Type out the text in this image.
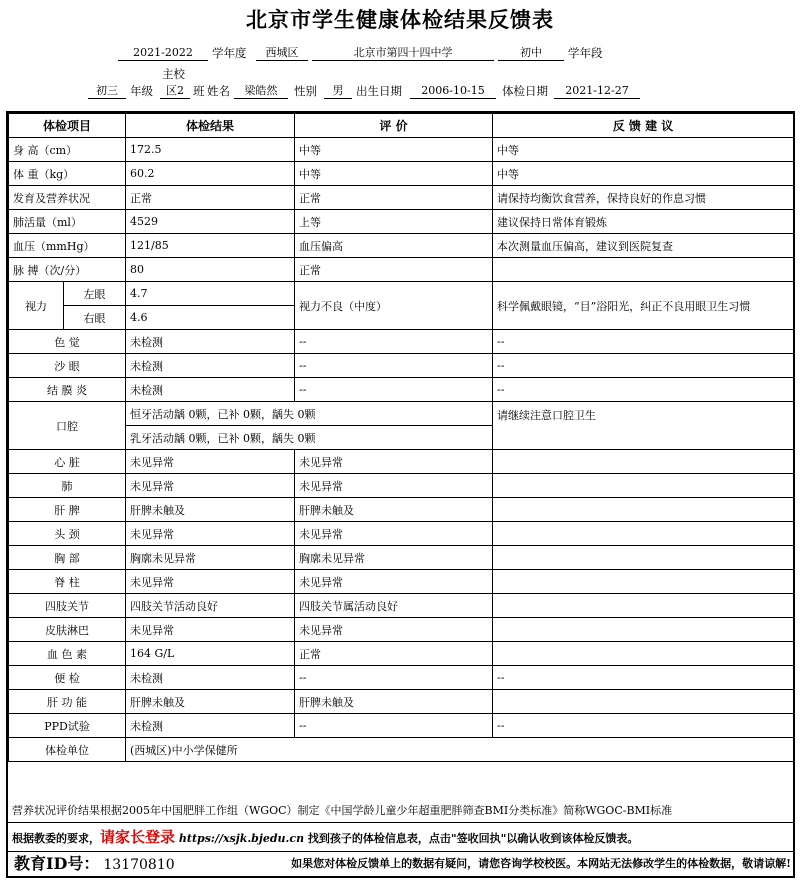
北京市学生健康体检结果反馈表
2021-2022	学年度	西城区	北京市第四十四中学	初中	学年段
主校
初三	年级	区2 班 姓名	梁皓然	性别	男	出生日期	2006-10-15	体检日期	2021-12-27
体检项目		体检结果	评 价	反 馈 建 议
身 高（cm）		172.5	中等	中等
体 重（kg）		60.2	中等	中等
发育及营养状况		正常	正常	请保持均衡饮食营养，保持良好的作息习惯
肺活量（ml）		4529	上等	建议保持日常体育锻炼
血压（mmHg）		121/85	血压偏高	本次测量血压偏高，建议到医院复查
脉 搏（次/分）		80	正常	
视力	左眼	4.7	视力不良（中度）	科学佩戴眼镜，“目”浴阳光，纠正不良用眼卫生习惯
	右眼	4.6		
色 觉		未检测	--	--
沙 眼		未检测	--	--
结 膜 炎		未检测	--	--
口腔		恒牙活动龋 0颗，已补 0颗，龋失 0颗		请继续注意口腔卫生
		乳牙活动龋 0颗，已补 0颗，龋失 0颗		
心 脏		未见异常	未见异常	
肺		未见异常	未见异常	
肝 脾		肝脾未触及	肝脾未触及	
头 颈		未见异常	未见异常	
胸 部		胸廓未见异常	胸廓未见异常	
脊 柱		未见异常	未见异常	
四肢关节		四肢关节活动良好	四肢关节属活动良好	
皮肤淋巴		未见异常	未见异常	
血 色 素		164 G/L	正常	
便 检		未检测	--	--
肝 功 能		肝脾未触及	肝脾未触及	
PPD试验		未检测	--	--
体检单位		(西城区)中小学保健所		
营养状况评价结果根据2005年中国肥胖工作组（WGOC）制定《中国学龄儿童少年超重肥胖筛查BMI分类标准》简称WGOC-BMI标准
根据教委的要求，请家长登录 https://xsjk.bjedu.cn 找到孩子的体检信息表，点击"签收回执"以确认收到该体检反馈表。
教育ID号： 13170810	如果您对体检反馈单上的数据有疑问，请您咨询学校校医。本网站无法修改学生的体检数据，敬请谅解!
